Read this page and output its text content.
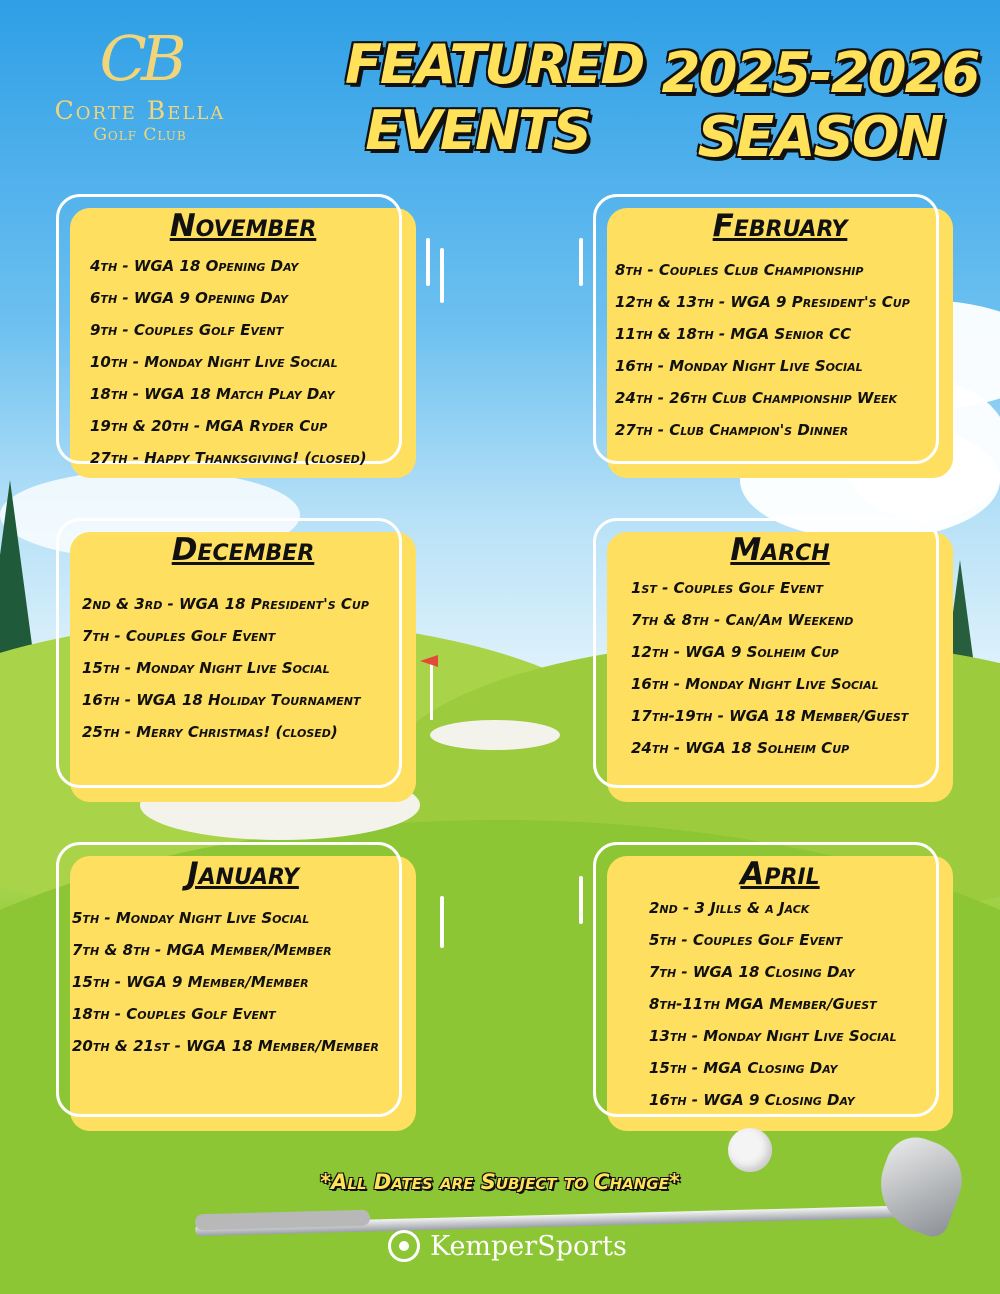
CB
Corte Bella
Golf Club
FEATURED
EVENTS
2025-2026
SEASON
November
4th - WGA 18 Opening Day
6th - WGA 9 Opening Day
9th - Couples Golf Event
10th - Monday Night Live Social
18th - WGA 18 Match Play Day
19th & 20th - MGA Ryder Cup
27th - Happy Thanksgiving! (closed)
February
8th - Couples Club Championship
12th & 13th - WGA 9 President's Cup
11th & 18th - MGA Senior CC
16th - Monday Night Live Social
24th - 26th Club Championship Week
27th - Club Champion's Dinner
December
2nd & 3rd - WGA 18 President's Cup
7th - Couples Golf Event
15th - Monday Night Live Social
16th - WGA 18 Holiday Tournament
25th - Merry Christmas! (closed)
March
1st - Couples Golf Event
7th & 8th - Can/Am Weekend
12th - WGA 9 Solheim Cup
16th - Monday Night Live Social
17th-19th - WGA 18 Member/Guest
24th - WGA 18 Solheim Cup
January
5th - Monday Night Live Social
7th & 8th - MGA Member/Member
15th - WGA 9 Member/Member
18th - Couples Golf Event
20th & 21st - WGA 18 Member/Member
April
2nd - 3 Jills & a Jack
5th - Couples Golf Event
7th - WGA 18 Closing Day
8th-11th MGA Member/Guest
13th - Monday Night Live Social
15th - MGA Closing Day
16th - WGA 9 Closing Day
*All Dates are Subject to Change*
KemperSports
